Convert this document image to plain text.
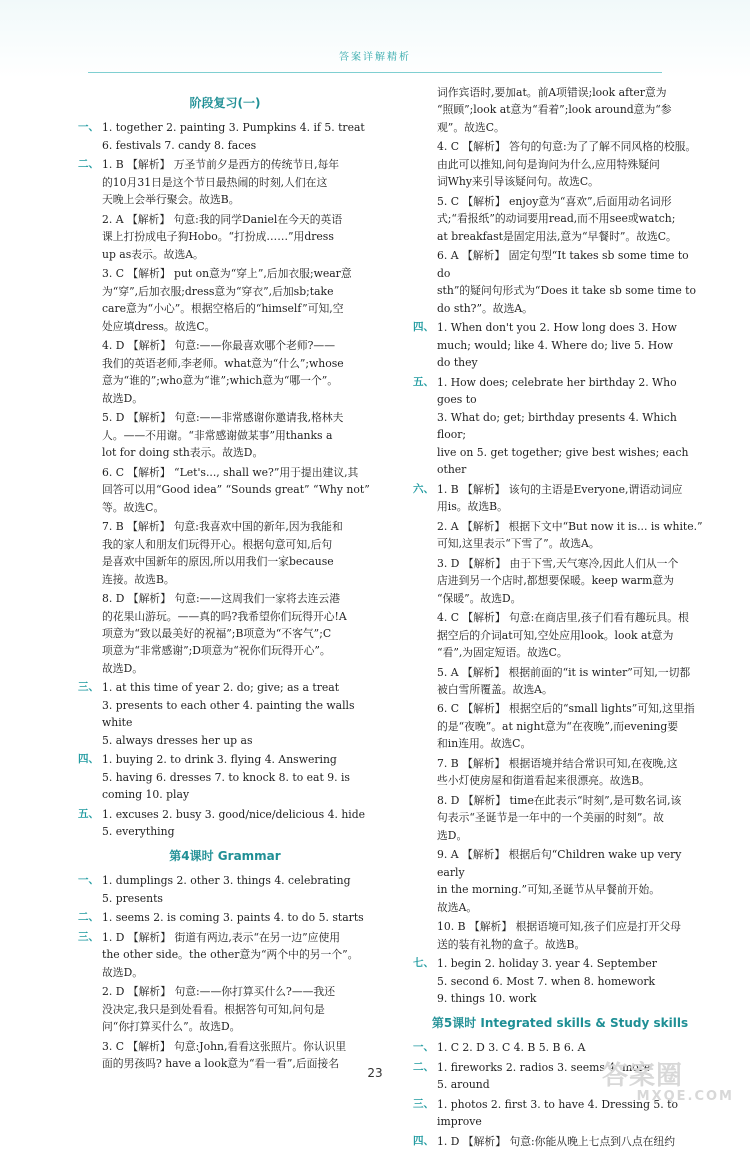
答案详解精析
阶段复习(一)
一、 1. together 2. painting 3. Pumpkins 4. if 5. treat
6. festivals 7. candy 8. faces
二、 1. B 【解析】 万圣节前夕是西方的传统节日,每年
的10月31日是这个节日最热闹的时刻,人们在这
天晚上会举行聚会。故选B。
2. A 【解析】 句意:我的同学Daniel在今天的英语
课上打扮成电子狗Hobo。“打扮成……”用dress
up as表示。故选A。
3. C 【解析】 put on意为“穿上”,后加衣服;wear意
为“穿”,后加衣服;dress意为“穿衣”,后加sb;take
care意为“小心”。根据空格后的“himself”可知,空
处应填dress。故选C。
4. D 【解析】 句意:——你最喜欢哪个老师?——
我们的英语老师,李老师。what意为“什么”;whose
意为“谁的”;who意为“谁”;which意为“哪一个”。
故选D。
5. D 【解析】 句意:——非常感谢你邀请我,格林夫
人。——不用谢。“非常感谢做某事”用thanks a
lot for doing sth表示。故选D。
6. C 【解析】 “Let's..., shall we?”用于提出建议,其
回答可以用“Good idea” “Sounds great” “Why not”
等。故选C。
7. B 【解析】 句意:我喜欢中国的新年,因为我能和
我的家人和朋友们玩得开心。根据句意可知,后句
是喜欢中国新年的原因,所以用我们一家because
连接。故选B。
8. D 【解析】 句意:——这周我们一家将去连云港
的花果山游玩。——真的吗?我希望你们玩得开心!A
项意为“致以最美好的祝福”;B项意为“不客气”;C
项意为“非常感谢”;D项意为“祝你们玩得开心”。
故选D。
三、 1. at this time of year 2. do; give; as a treat
3. presents to each other 4. painting the walls white
5. always dresses her up as
四、 1. buying 2. to drink 3. flying 4. Answering
5. having 6. dresses 7. to knock 8. to eat 9. is
coming 10. play
五、 1. excuses 2. busy 3. good/nice/delicious 4. hide
5. everything
第4课时 Grammar
一、 1. dumplings 2. other 3. things 4. celebrating
5. presents
二、 1. seems 2. is coming 3. paints 4. to do 5. starts
三、 1. D 【解析】 街道有两边,表示“在另一边”应使用
the other side。the other意为“两个中的另一个”。
故选D。
2. D 【解析】 句意:——你打算买什么?——我还
没决定,我只是到处看看。根据答句可知,问句是
问“你打算买什么”。故选D。
3. C 【解析】 句意:John,看看这张照片。你认识里
面的男孩吗? have a look意为“看一看”,后面接名
词作宾语时,要加at。前A项错误;look after意为
“照顾”;look at意为“看着”;look around意为“参
观”。故选C。
4. C 【解析】 答句的句意:为了了解不同风格的校服。
由此可以推知,问句是询问为什么,应用特殊疑问
词Why来引导该疑问句。故选C。
5. C 【解析】 enjoy意为“喜欢”,后面用动名词形
式;“看报纸”的动词要用read,而不用see或watch;
at breakfast是固定用法,意为“早餐时”。故选C。
6. A 【解析】 固定句型“It takes sb some time to do
sth”的疑问句形式为“Does it take sb some time to
do sth?”。故选A。
四、 1. When don't you 2. How long does 3. How
much; would; like 4. Where do; live 5. How
do they
五、 1. How does; celebrate her birthday 2. Who goes to
3. What do; get; birthday presents 4. Which floor;
live on 5. get together; give best wishes; each other
六、 1. B 【解析】 该句的主语是Everyone,谓语动词应
用is。故选B。
2. A 【解析】 根据下文中“But now it is... is white.”
可知,这里表示“下雪了”。故选A。
3. D 【解析】 由于下雪,天气寒冷,因此人们从一个
店进到另一个店时,都想要保暖。keep warm意为
“保暖”。故选D。
4. C 【解析】 句意:在商店里,孩子们看有趣玩具。根
据空后的介词at可知,空处应用look。look at意为
“看”,为固定短语。故选C。
5. A 【解析】 根据前面的“it is winter”可知,一切都
被白雪所覆盖。故选A。
6. C 【解析】 根据空后的“small lights”可知,这里指
的是“夜晚”。at night意为“在夜晚”,而evening要
和in连用。故选C。
7. B 【解析】 根据语境并结合常识可知,在夜晚,这
些小灯使房屋和街道看起来很漂亮。故选B。
8. D 【解析】 time在此表示“时刻”,是可数名词,该
句表示“圣诞节是一年中的一个美丽的时刻”。故
选D。
9. A 【解析】 根据后句“Children wake up very early
in the morning.”可知,圣诞节从早餐前开始。
故选A。
10. B 【解析】 根据语境可知,孩子们应是打开父母
送的装有礼物的盒子。故选B。
七、 1. begin 2. holiday 3. year 4. September
5. second 6. Most 7. when 8. homework
9. things 10. work
第5课时 Integrated skills & Study skills
一、 1. C 2. D 3. C 4. B 5. B 6. A
二、 1. fireworks 2. radios 3. seems 4. more
5. around
三、 1. photos 2. first 3. to have 4. Dressing 5. to
improve
四、 1. D 【解析】 句意:你能从晚上七点到八点在纽约
23	答案圈
MXQE.COM
